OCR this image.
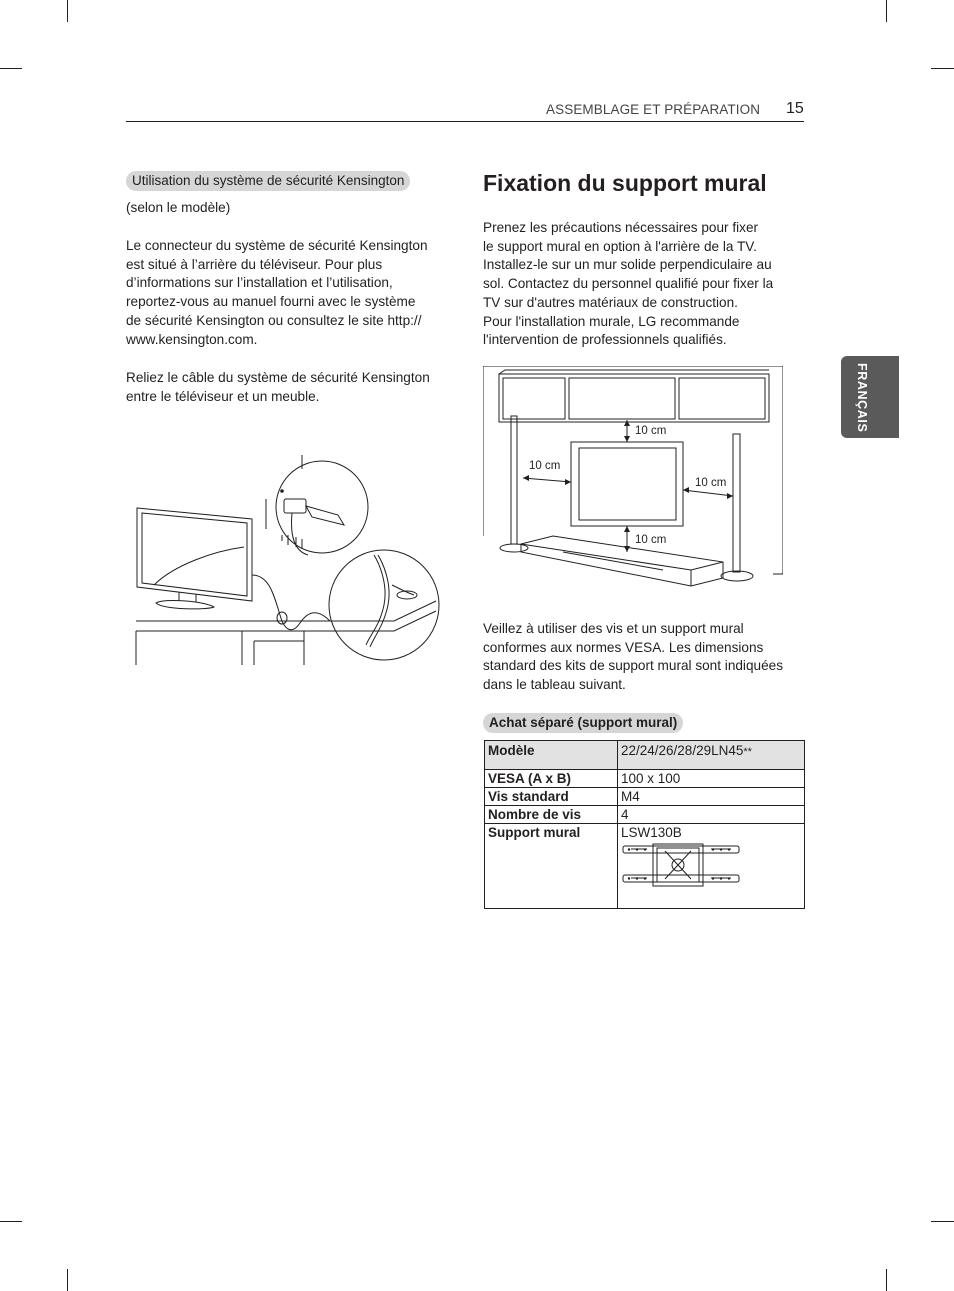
ASSEMBLAGE ET PRÉPARATION 15
FRANÇAIS
Utilisation du système de sécurité Kensington

(selon le modèle)

Le connecteur du système de sécurité Kensington
est situé à l’arrière du téléviseur. Pour plus
d’informations sur l’installation et l’utilisation,
reportez-vous au manuel fourni avec le système
de sécurité Kensington ou consultez le site http://
www.kensington.com.

Reliez le câble du système de sécurité Kensington
entre le téléviseur et un meuble.

Fixation du support mural

Prenez les précautions nécessaires pour fixer
le support mural en option à l'arrière de la TV.
Installez-le sur un mur solide perpendiculaire au
sol. Contactez du personnel qualifié pour fixer la
TV sur d'autres matériaux de construction.
Pour l'installation murale, LG recommande
l'intervention de professionnels qualifiés.

10 cm
10 cm
10 cm
10 cm

Veillez à utiliser des vis et un support mural
conformes aux normes VESA. Les dimensions
standard des kits de support mural sont indiquées
dans le tableau suivant.

Achat séparé (support mural)
Modèle	22/24/26/28/29LN45**
VESA (A x B)	100 x 100
Vis standard	M4
Nombre de vis	4
Support mural	LSW130B
